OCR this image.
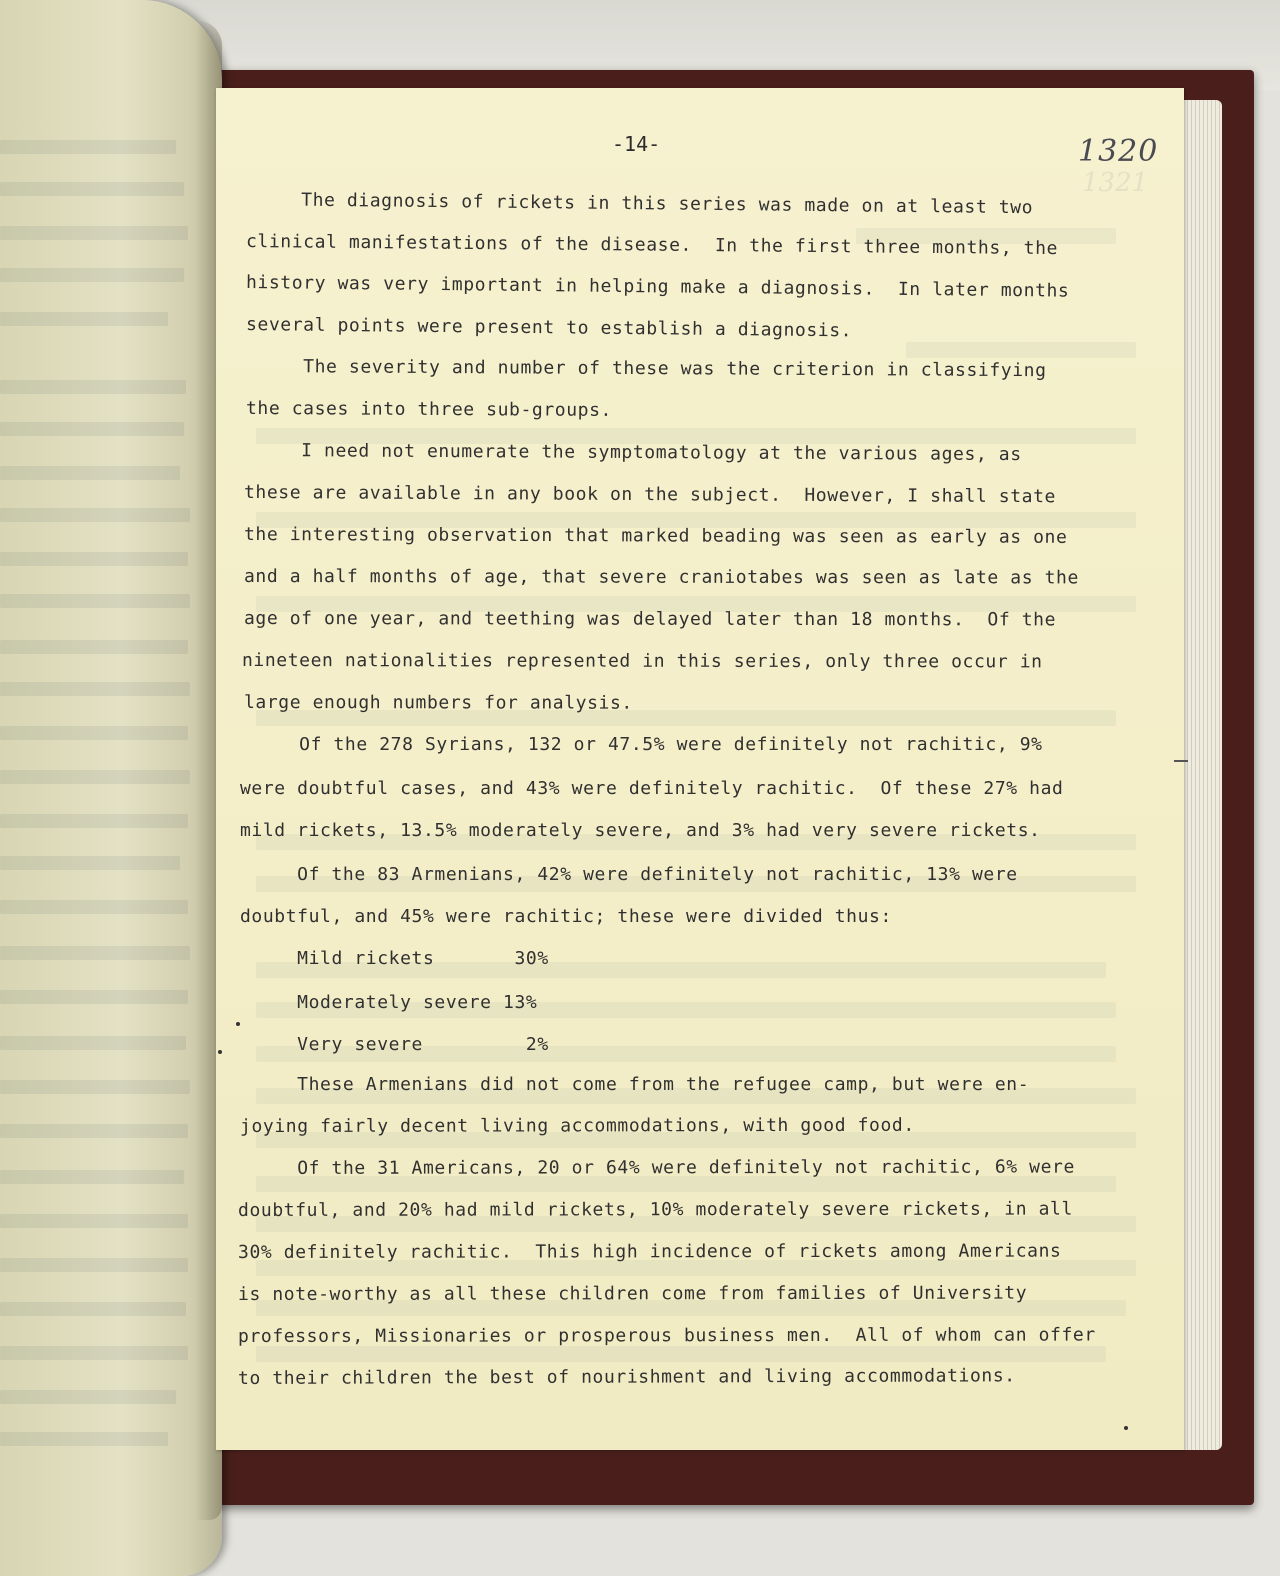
-14-
1321
1320
The diagnosis of rickets in this series was made on at least two
clinical manifestations of the disease.  In the first three months, the
history was very important in helping make a diagnosis.  In later months
several points were present to establish a diagnosis.
The severity and number of these was the criterion in classifying
the cases into three sub-groups.
I need not enumerate the symptomatology at the various ages, as
these are available in any book on the subject.  However, I shall state
the interesting observation that marked beading was seen as early as one
and a half months of age, that severe craniotabes was seen as late as the
age of one year, and teething was delayed later than 18 months.  Of the
nineteen nationalities represented in this series, only three occur in
large enough numbers for analysis.
Of the 278 Syrians, 132 or 47.5% were definitely not rachitic, 9%
were doubtful cases, and 43% were definitely rachitic.  Of these 27% had
mild rickets, 13.5% moderately severe, and 3% had very severe rickets.
Of the 83 Armenians, 42% were definitely not rachitic, 13% were
doubtful, and 45% were rachitic; these were divided thus:
Mild rickets       30%
Moderately severe 13%
Very severe         2%
These Armenians did not come from the refugee camp, but were en-
joying fairly decent living accommodations, with good food.
Of the 31 Americans, 20 or 64% were definitely not rachitic, 6% were
doubtful, and 20% had mild rickets, 10% moderately severe rickets, in all
30% definitely rachitic.  This high incidence of rickets among Americans
is note-worthy as all these children come from families of University
professors, Missionaries or prosperous business men.  All of whom can offer
to their children the best of nourishment and living accommodations.
